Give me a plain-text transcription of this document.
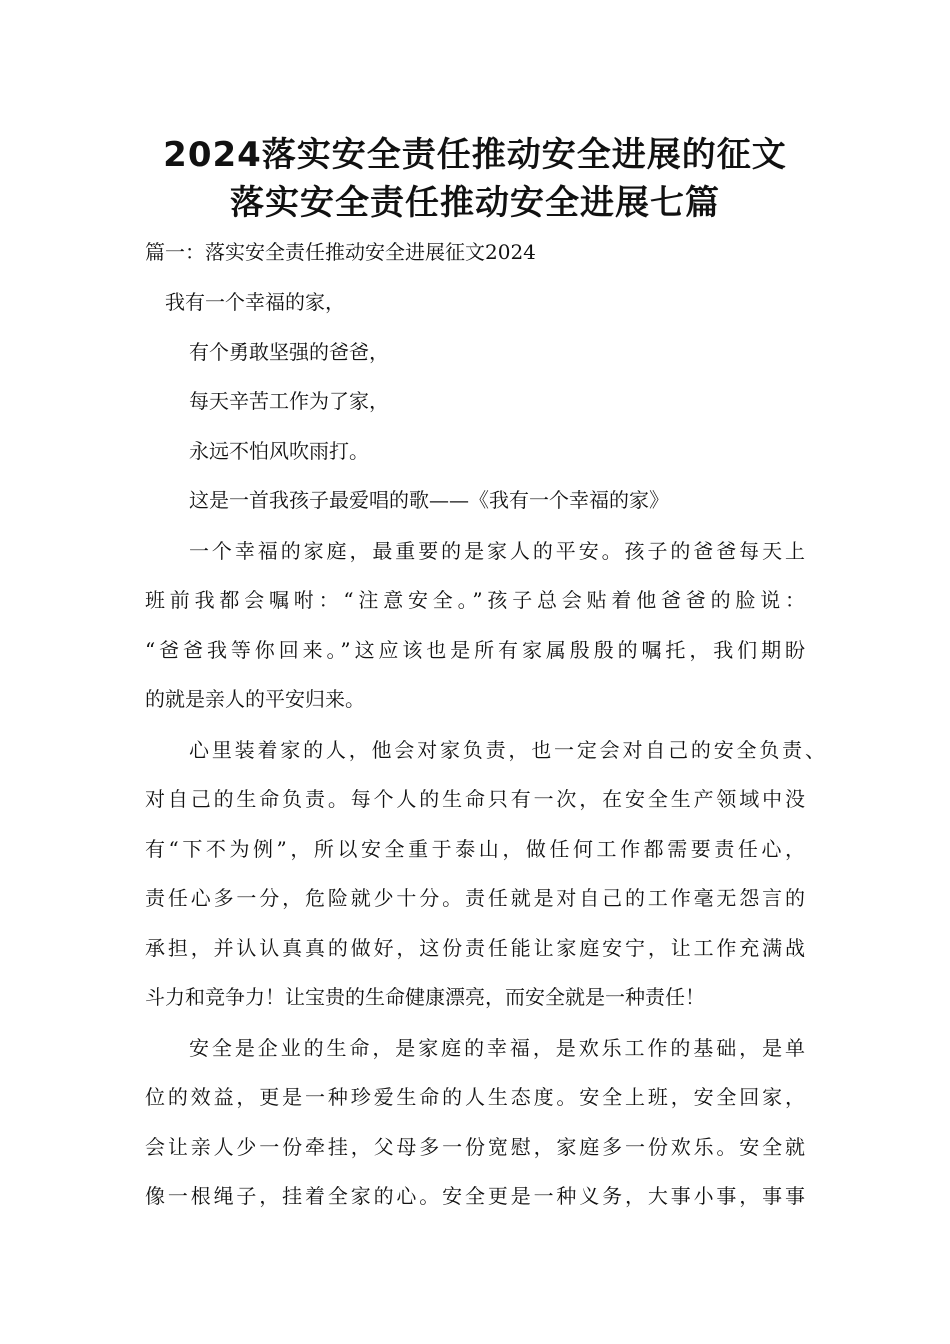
2024落实安全责任推动安全进展的征文
落实安全责任推动安全进展七篇

篇一：落实安全责任推动安全进展征文2024

我有一个幸福的家，

有个勇敢坚强的爸爸，

每天辛苦工作为了家，

永远不怕风吹雨打。

这是一首我孩子最爱唱的歌——《我有一个幸福的家》

一个幸福的家庭，最重要的是家人的平安。孩子的爸爸每天上

班前我都会嘱咐：“注意安全。”孩子总会贴着他爸爸的脸说：

“爸爸我等你回来。”这应该也是所有家属殷殷的嘱托，我们期盼

的就是亲人的平安归来。

心里装着家的人，他会对家负责，也一定会对自己的安全负责、

对自己的生命负责。每个人的生命只有一次，在安全生产领域中没

有“下不为例”，所以安全重于泰山，做任何工作都需要责任心，

责任心多一分，危险就少十分。责任就是对自己的工作毫无怨言的

承担，并认认真真的做好，这份责任能让家庭安宁，让工作充满战

斗力和竞争力！让宝贵的生命健康漂亮，而安全就是一种责任！

安全是企业的生命，是家庭的幸福，是欢乐工作的基础，是单

位的效益，更是一种珍爱生命的人生态度。安全上班，安全回家，

会让亲人少一份牵挂，父母多一份宽慰，家庭多一份欢乐。安全就

像一根绳子，挂着全家的心。安全更是一种义务，大事小事，事事
